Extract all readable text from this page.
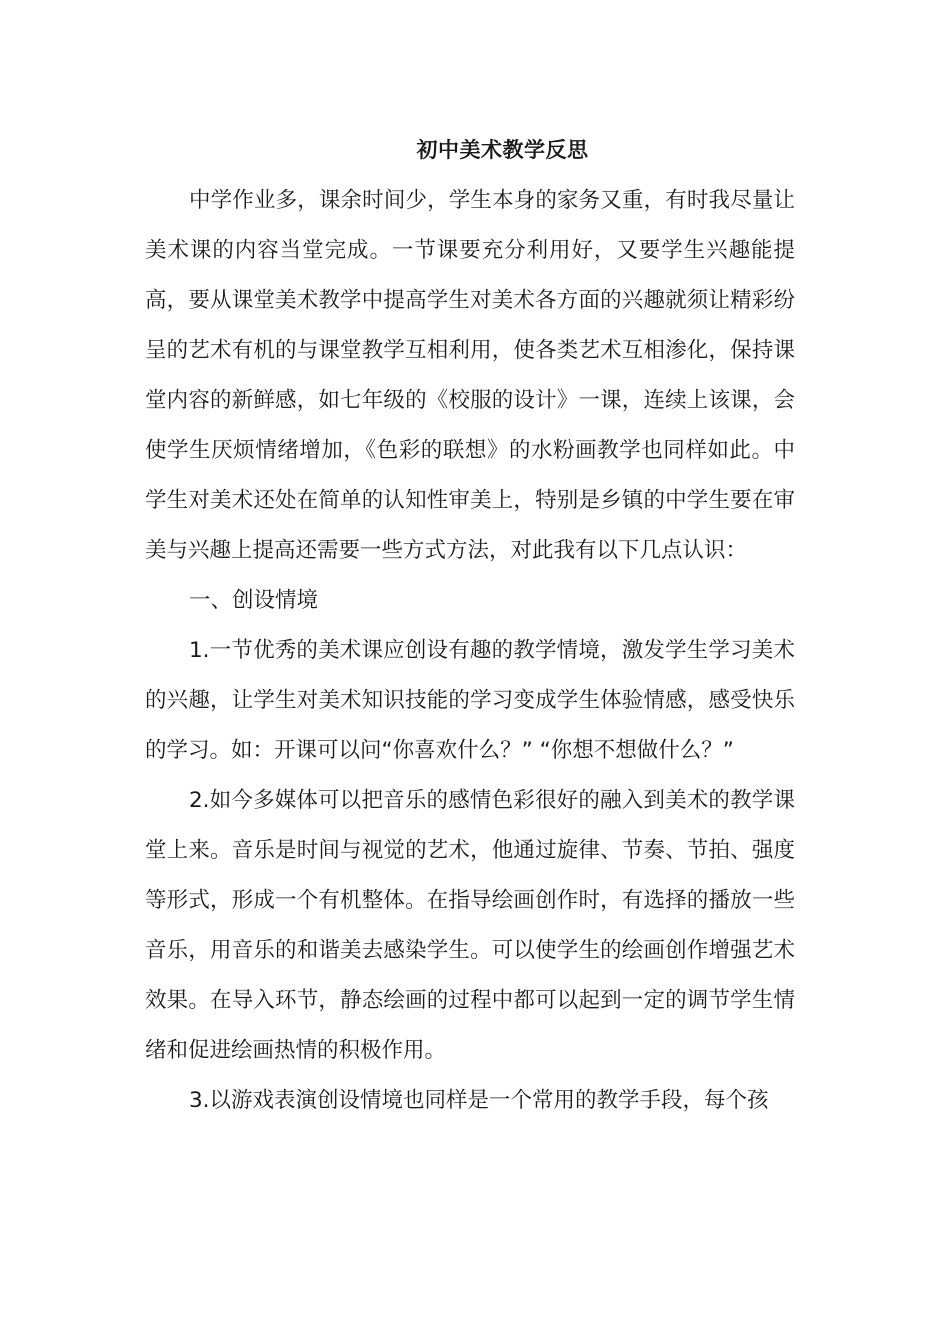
初中美术教学反思

中学作业多，课余时间少，学生本身的家务又重，有时我尽量让美术课的内容当堂完成。一节课要充分利用好，又要学生兴趣能提高，要从课堂美术教学中提高学生对美术各方面的兴趣就须让精彩纷呈的艺术有机的与课堂教学互相利用，使各类艺术互相渗化，保持课堂内容的新鲜感，如七年级的《校服的设计》一课，连续上该课，会使学生厌烦情绪增加，《色彩的联想》的水粉画教学也同样如此。中学生对美术还处在简单的认知性审美上，特别是乡镇的中学生要在审美与兴趣上提高还需要一些方式方法，对此我有以下几点认识：

一、创设情境

1.一节优秀的美术课应创设有趣的教学情境，激发学生学习美术的兴趣，让学生对美术知识技能的学习变成学生体验情感，感受快乐的学习。如：开课可以问“你喜欢什么？” “你想不想做什么？”

2.如今多媒体可以把音乐的感情色彩很好的融入到美术的教学课堂上来。音乐是时间与视觉的艺术，他通过旋律、节奏、节拍、强度等形式，形成一个有机整体。在指导绘画创作时，有选择的播放一些音乐，用音乐的和谐美去感染学生。可以使学生的绘画创作增强艺术效果。在导入环节，静态绘画的过程中都可以起到一定的调节学生情绪和促进绘画热情的积极作用。

3.以游戏表演创设情境也同样是一个常用的教学手段，每个孩
